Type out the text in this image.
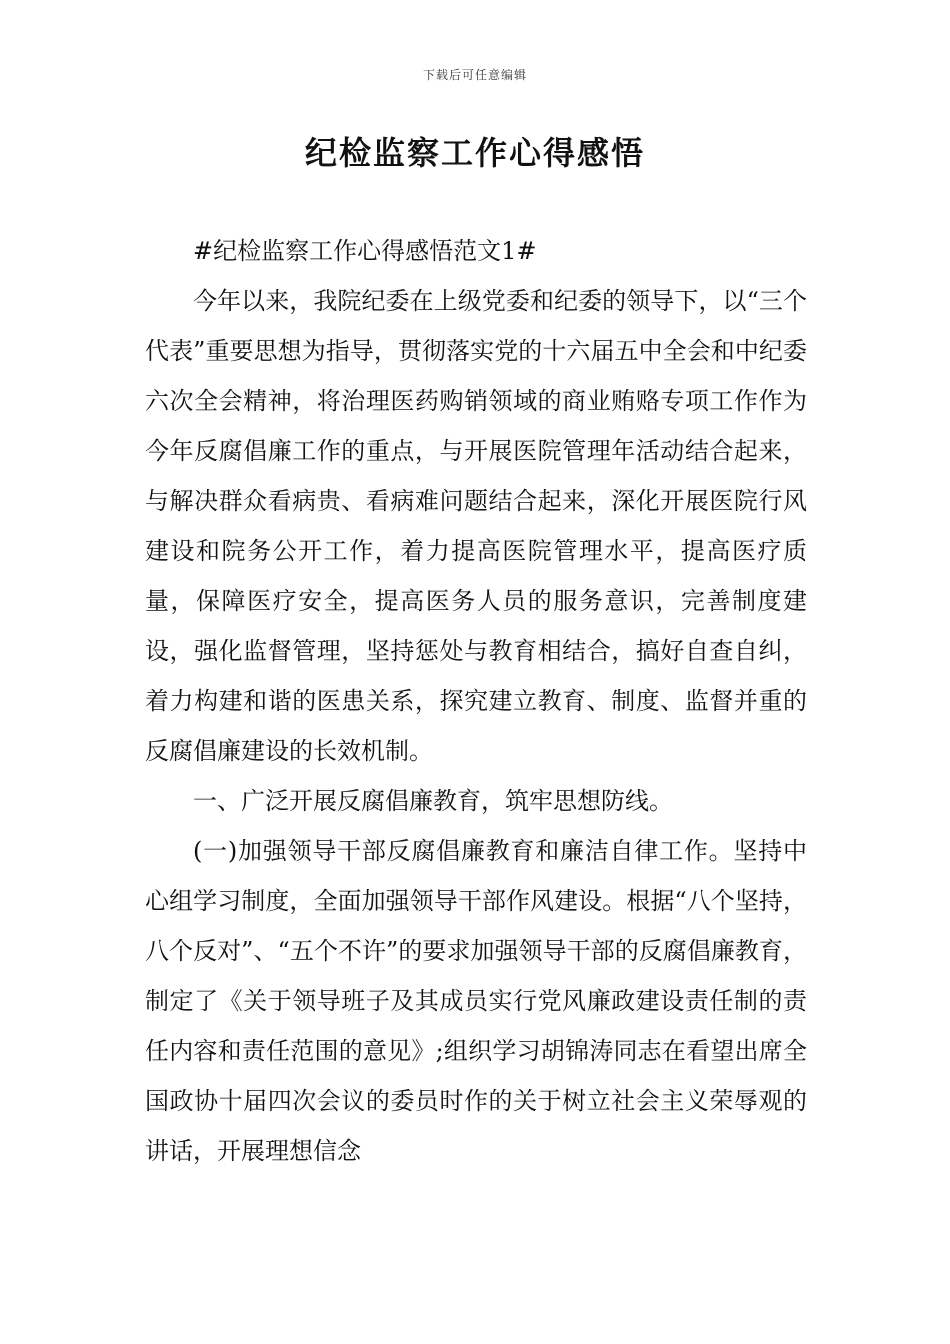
下载后可任意编辑
纪检监察工作心得感悟

#纪检监察工作心得感悟范文1#

今年以来，我院纪委在上级党委和纪委的领导下，以“三个代表”重要思想为指导，贯彻落实党的十六届五中全会和中纪委六次全会精神，将治理医药购销领域的商业贿赂专项工作作为今年反腐倡廉工作的重点，与开展医院管理年活动结合起来，与解决群众看病贵、看病难问题结合起来，深化开展医院行风建设和院务公开工作，着力提高医院管理水平，提高医疗质量，保障医疗安全，提高医务人员的服务意识，完善制度建设，强化监督管理，坚持惩处与教育相结合，搞好自查自纠，着力构建和谐的医患关系，探究建立教育、制度、监督并重的反腐倡廉建设的长效机制。

一、广泛开展反腐倡廉教育，筑牢思想防线。

(一)加强领导干部反腐倡廉教育和廉洁自律工作。坚持中心组学习制度，全面加强领导干部作风建设。根据“八个坚持，八个反对”、“五个不许”的要求加强领导干部的反腐倡廉教育，制定了《关于领导班子及其成员实行党风廉政建设责任制的责任内容和责任范围的意见》;组织学习胡锦涛同志在看望出席全国政协十届四次会议的委员时作的关于树立社会主义荣辱观的讲话，开展理想信念
